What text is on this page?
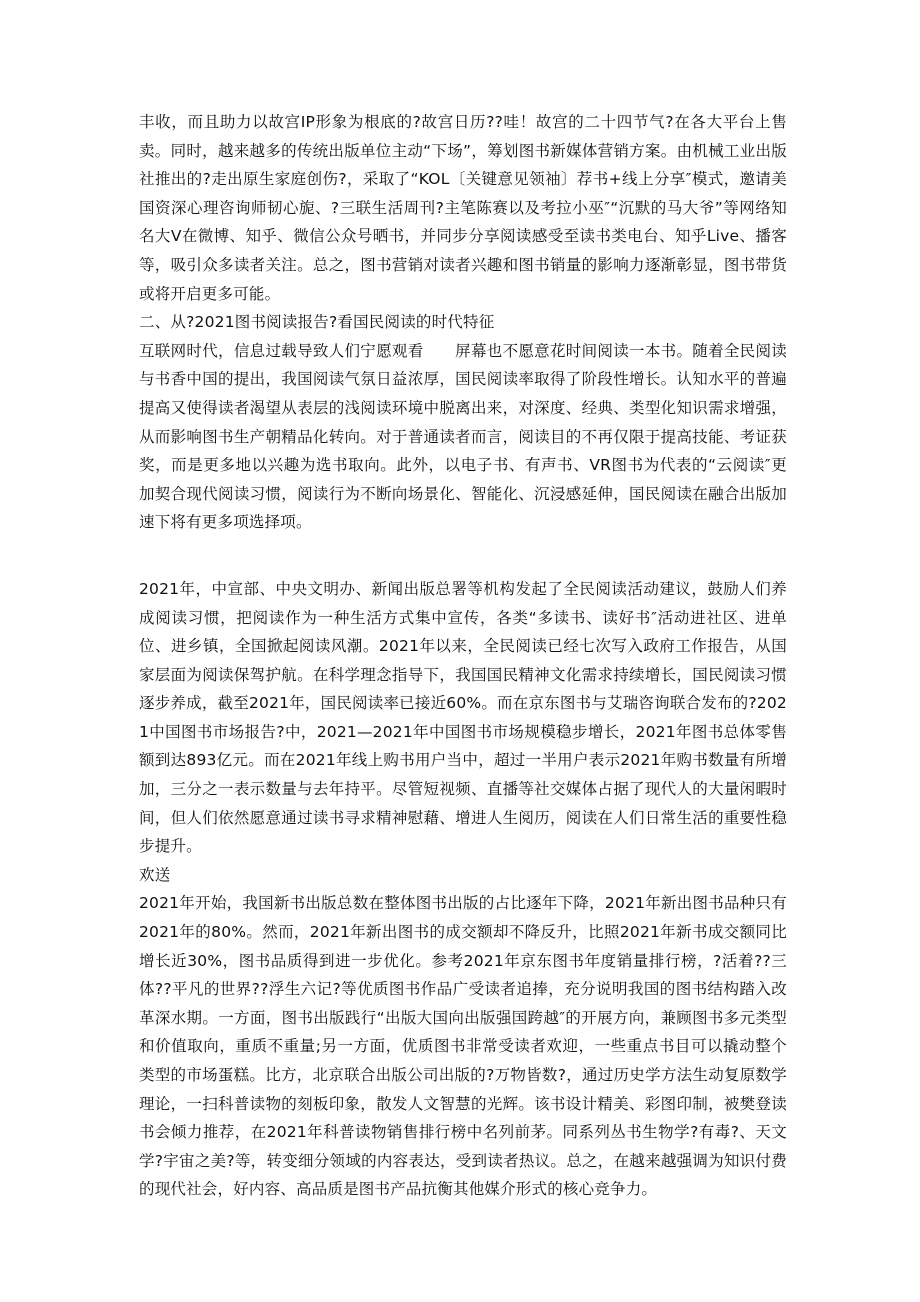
丰收，而且助力以故宫IP形象为根底的?故宫日历??哇！故宫的二十四节气?在各大平台上售卖。同时，越来越多的传统出版单位主动“下场”，筹划图书新媒体营销方案。由机械工业出版社推出的?走出原生家庭创伤?，采取了“KOL〔关键意见领袖〕荐书+线上分享″模式，邀请美国资深心理咨询师韧心旎、?三联生活周刊?主笔陈赛以及考拉小巫″“沉默的马大爷”等网络知名大V在微博、知乎、微信公众号晒书，并同步分享阅读感受至读书类电台、知乎Live、播客等，吸引众多读者关注。总之，图书营销对读者兴趣和图书销量的影响力逐渐彰显，图书带货或将开启更多可能。

二、从?2021图书阅读报告?看国民阅读的时代特征

互联网时代，信息过载导致人们宁愿观看　　屏幕也不愿意花时间阅读一本书。随着全民阅读与书香中国的提出，我国阅读气氛日益浓厚，国民阅读率取得了阶段性增长。认知水平的普遍提高又使得读者渴望从表层的浅阅读环境中脱离出来，对深度、经典、类型化知识需求增强，从而影响图书生产朝精品化转向。对于普通读者而言，阅读目的不再仅限于提高技能、考证获奖，而是更多地以兴趣为选书取向。此外，以电子书、有声书、VR图书为代表的“云阅读″更加契合现代阅读习惯，阅读行为不断向场景化、智能化、沉浸感延伸，国民阅读在融合出版加速下将有更多项选择项。

2021年，中宣部、中央文明办、新闻出版总署等机构发起了全民阅读活动建议，鼓励人们养成阅读习惯，把阅读作为一种生活方式集中宣传，各类“多读书、读好书″活动进社区、进单位、进乡镇，全国掀起阅读风潮。2021年以来，全民阅读已经七次写入政府工作报告，从国家层面为阅读保驾护航。在科学理念指导下，我国国民精神文化需求持续增长，国民阅读习惯逐步养成，截至2021年，国民阅读率已接近60%。而在京东图书与艾瑞咨询联合发布的?2021中国图书市场报告?中，2021—2021年中国图书市场规模稳步增长，2021年图书总体零售额到达893亿元。而在2021年线上购书用户当中，超过一半用户表示2021年购书数量有所增加，三分之一表示数量与去年持平。尽管短视频、直播等社交媒体占据了现代人的大量闲暇时间，但人们依然愿意通过读书寻求精神慰藉、增进人生阅历，阅读在人们日常生活的重要性稳步提升。

欢送

2021年开始，我国新书出版总数在整体图书出版的占比逐年下降，2021年新出图书品种只有2021年的80%。然而，2021年新出图书的成交额却不降反升，比照2021年新书成交额同比增长近30%，图书品质得到进一步优化。参考2021年京东图书年度销量排行榜，?活着??三体??平凡的世界??浮生六记?等优质图书作品广受读者追捧，充分说明我国的图书结构踏入改革深水期。一方面，图书出版践行“出版大国向出版强国跨越″的开展方向，兼顾图书多元类型和价值取向，重质不重量;另一方面，优质图书非常受读者欢迎，一些重点书目可以撬动整个类型的市场蛋糕。比方，北京联合出版公司出版的?万物皆数?，通过历史学方法生动复原数学理论，一扫科普读物的刻板印象，散发人文智慧的光辉。该书设计精美、彩图印制，被樊登读书会倾力推荐，在2021年科普读物销售排行榜中名列前茅。同系列丛书生物学?有毒?、天文学?宇宙之美?等，转变细分领域的内容表达，受到读者热议。总之，在越来越强调为知识付费的现代社会，好内容、高品质是图书产品抗衡其他媒介形式的核心竞争力。
